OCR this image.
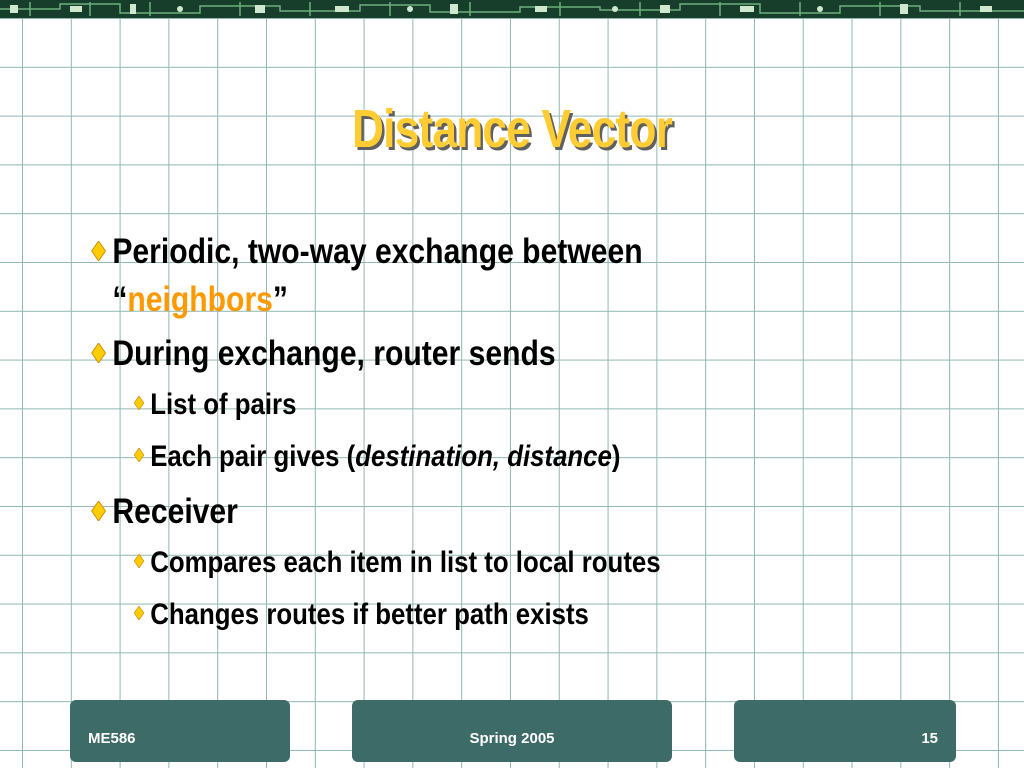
Distance Vector
Periodic, two-way exchange between
“neighbors”
During exchange, router sends
List of pairs
Each pair gives (destination, distance)
Receiver
Compares each item in list to local routes
Changes routes if better path exists
ME586	Spring 2005	15
